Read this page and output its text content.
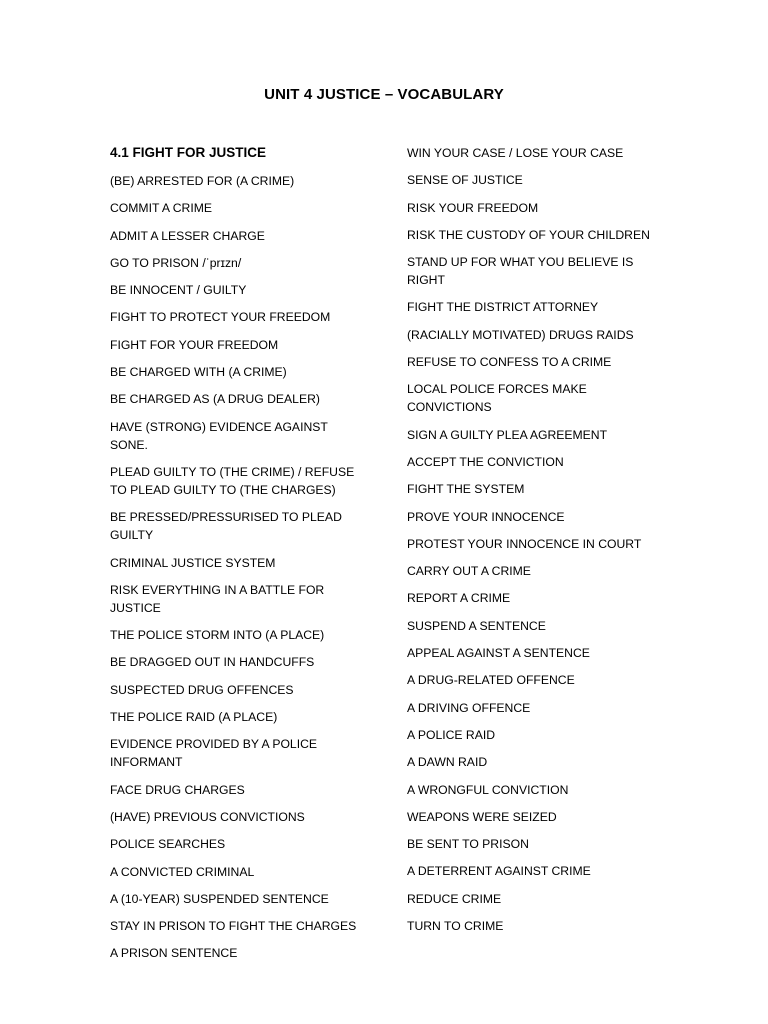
UNIT 4 JUSTICE – VOCABULARY
4.1 FIGHT FOR JUSTICE
(BE) ARRESTED FOR (A CRIME)
COMMIT A CRIME
ADMIT A LESSER CHARGE
GO TO PRISON /ˈprɪzn/
BE INNOCENT / GUILTY
FIGHT TO PROTECT YOUR FREEDOM
FIGHT FOR YOUR FREEDOM
BE CHARGED WITH (A CRIME)
BE CHARGED AS (A DRUG DEALER)
HAVE (STRONG) EVIDENCE AGAINST SONE.
PLEAD GUILTY TO (THE CRIME) / REFUSE TO PLEAD GUILTY TO (THE CHARGES)
BE PRESSED/PRESSURISED TO PLEAD GUILTY
CRIMINAL JUSTICE SYSTEM
RISK EVERYTHING IN A BATTLE FOR JUSTICE
THE POLICE STORM INTO (A PLACE)
BE DRAGGED OUT IN HANDCUFFS
SUSPECTED DRUG OFFENCES
THE POLICE RAID (A PLACE)
EVIDENCE PROVIDED BY A POLICE INFORMANT
FACE DRUG CHARGES
(HAVE) PREVIOUS CONVICTIONS
POLICE SEARCHES
A CONVICTED CRIMINAL
A (10-YEAR) SUSPENDED SENTENCE
STAY IN PRISON TO FIGHT THE CHARGES
A PRISON SENTENCE
WIN YOUR CASE / LOSE YOUR CASE
SENSE OF JUSTICE
RISK YOUR FREEDOM
RISK THE CUSTODY OF YOUR CHILDREN
STAND UP FOR WHAT YOU BELIEVE IS RIGHT
FIGHT THE DISTRICT ATTORNEY
(RACIALLY MOTIVATED) DRUGS RAIDS
REFUSE TO CONFESS TO A CRIME
LOCAL POLICE FORCES MAKE CONVICTIONS
SIGN A GUILTY PLEA AGREEMENT
ACCEPT THE CONVICTION
FIGHT THE SYSTEM
PROVE YOUR INNOCENCE
PROTEST YOUR INNOCENCE IN COURT
CARRY OUT A CRIME
REPORT A CRIME
SUSPEND A SENTENCE
APPEAL AGAINST A SENTENCE
A DRUG-RELATED OFFENCE
A DRIVING OFFENCE
A POLICE RAID
A DAWN RAID
A WRONGFUL CONVICTION
WEAPONS WERE SEIZED
BE SENT TO PRISON
A DETERRENT AGAINST CRIME
REDUCE CRIME
TURN TO CRIME
